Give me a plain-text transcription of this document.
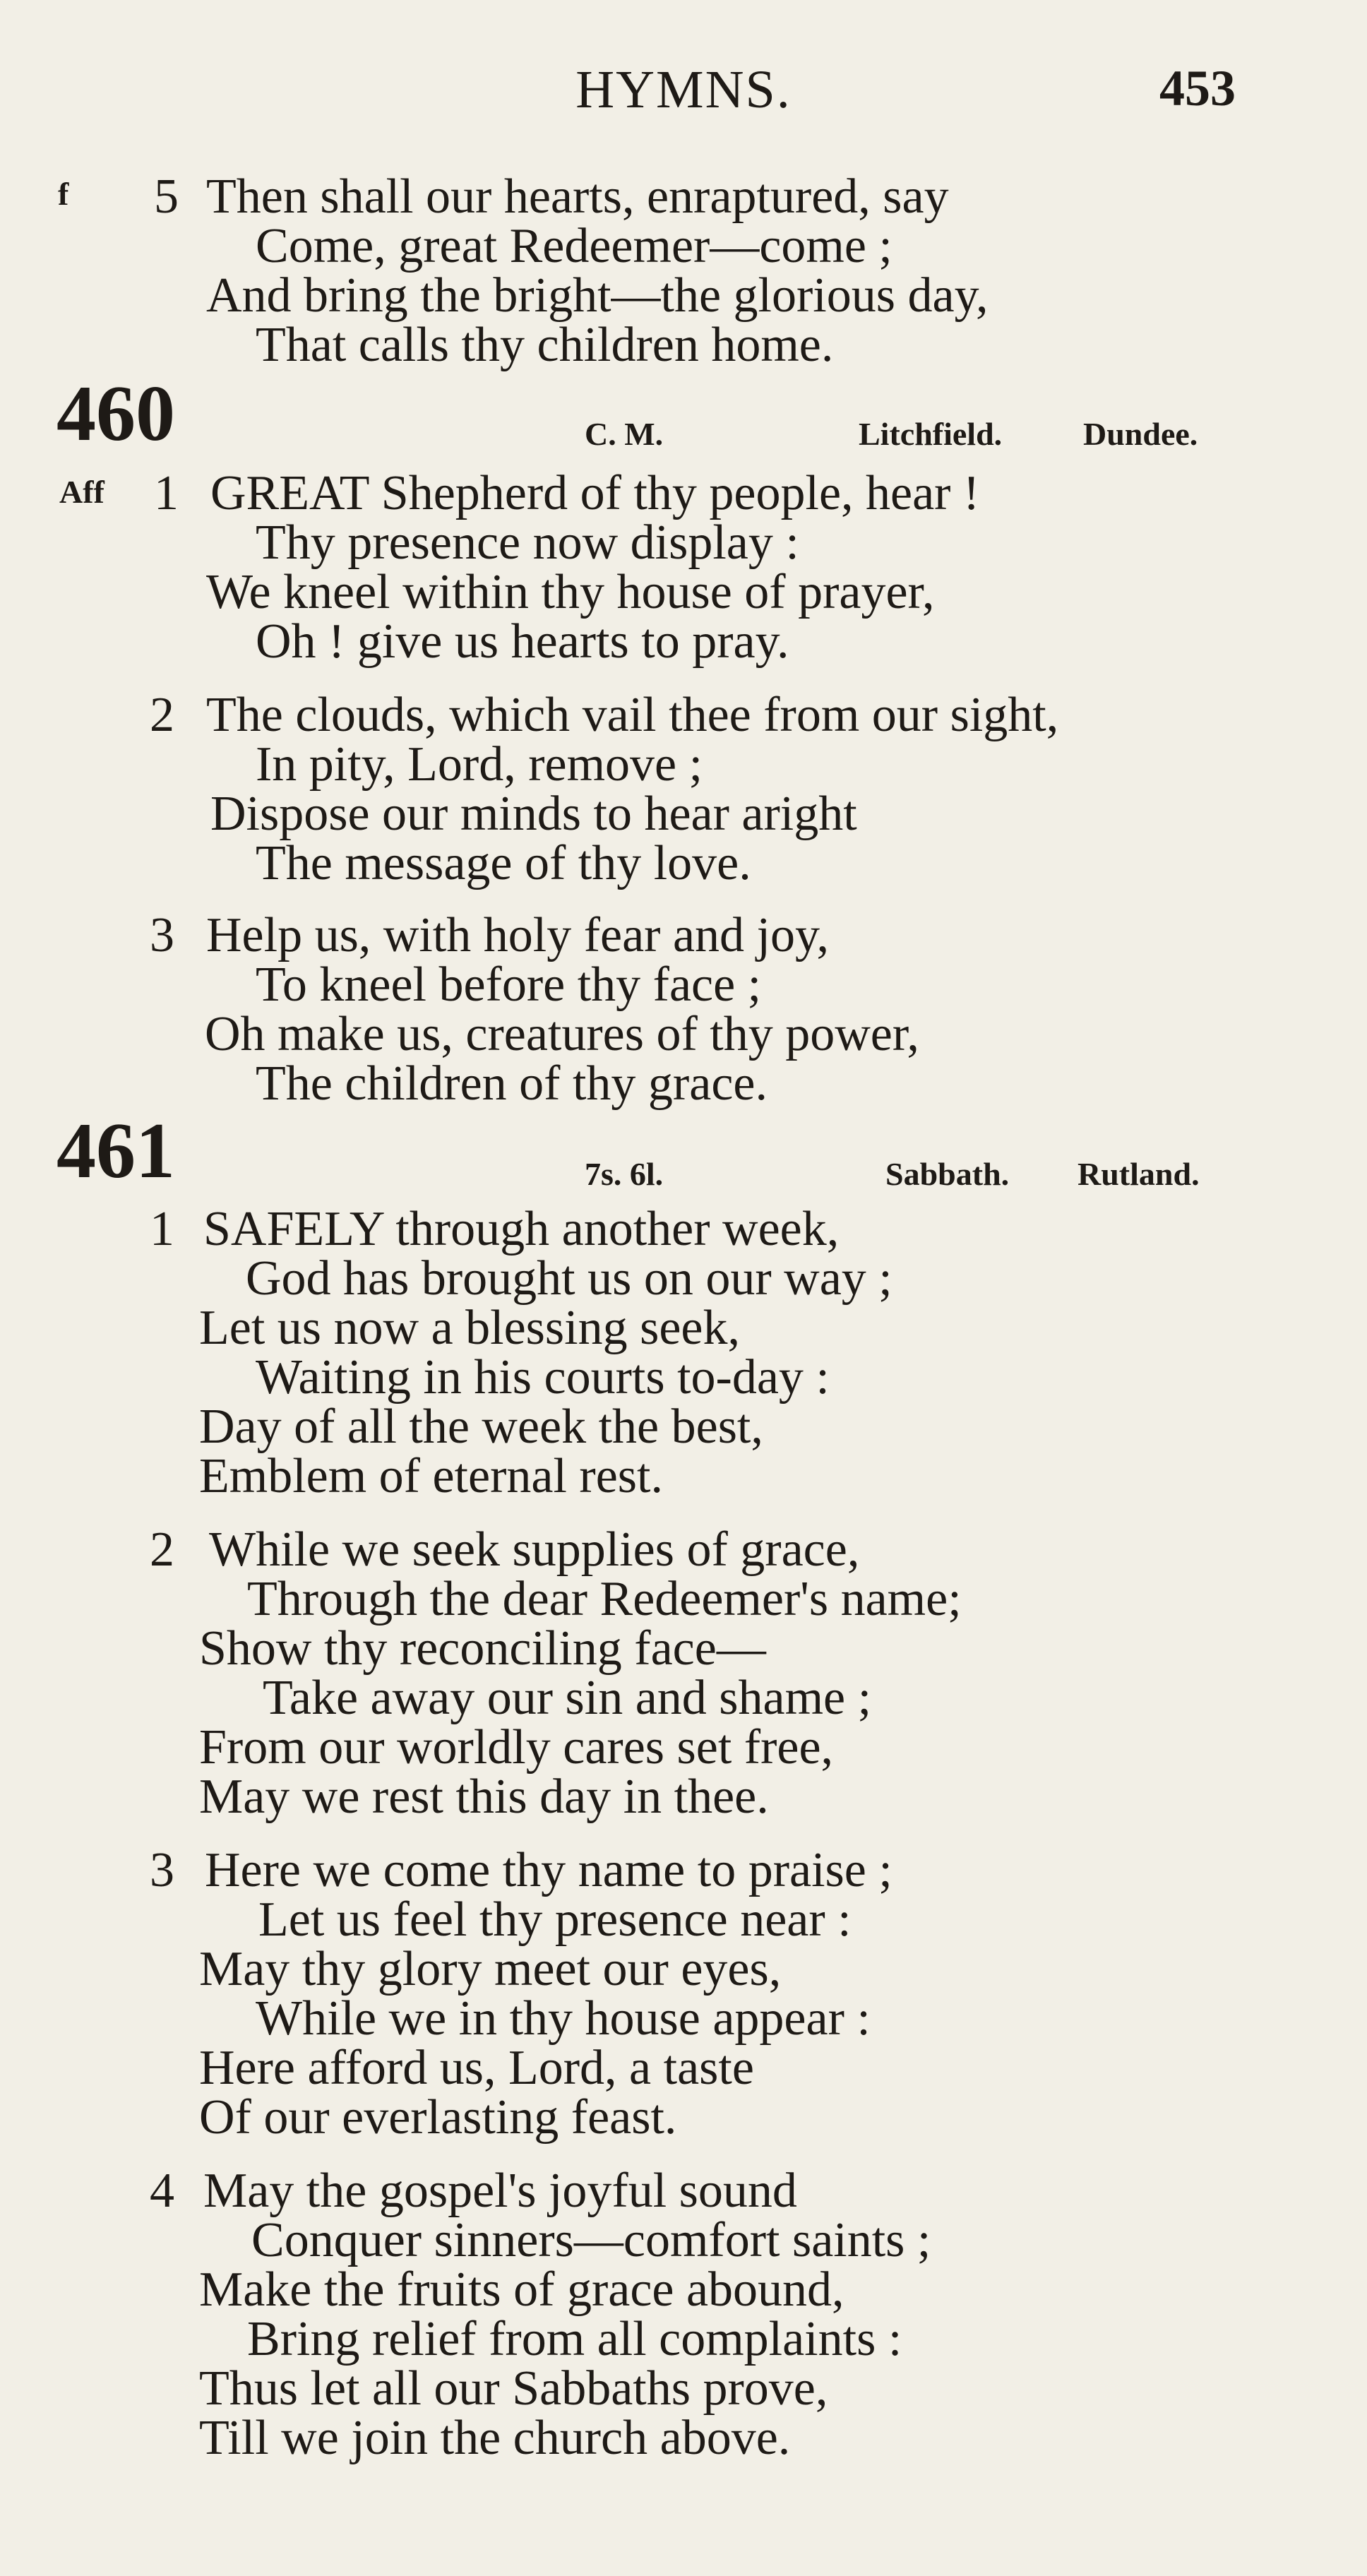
HYMNS.	453
f 5 Then shall our hearts, enraptured, say
Come, great Redeemer—come ;
And bring the bright—the glorious day,
That calls thy children home.
460	C. M.	Litchfield. Dundee.
Aff 1 GREAT Shepherd of thy people, hear !
Thy presence now display :
We kneel within thy house of prayer,
Oh ! give us hearts to pray.
2 The clouds, which vail thee from our sight,
In pity, Lord, remove ;
Dispose our minds to hear aright
The message of thy love.
3 Help us, with holy fear and joy,
To kneel before thy face ;
Oh make us, creatures of thy power,
The children of thy grace.
461	7s. 6l.	Sabbath. Rutland.
1 SAFELY through another week,
God has brought us on our way ;
Let us now a blessing seek,
Waiting in his courts to-day :
Day of all the week the best,
Emblem of eternal rest.
2 While we seek supplies of grace,
Through the dear Redeemer's name;
Show thy reconciling face—
Take away our sin and shame ;
From our worldly cares set free,
May we rest this day in thee.
3 Here we come thy name to praise ;
Let us feel thy presence near :
May thy glory meet our eyes,
While we in thy house appear :
Here afford us, Lord, a taste
Of our everlasting feast.
4 May the gospel's joyful sound
Conquer sinners—comfort saints ;
Make the fruits of grace abound,
Bring relief from all complaints :
Thus let all our Sabbaths prove,
Till we join the church above.
